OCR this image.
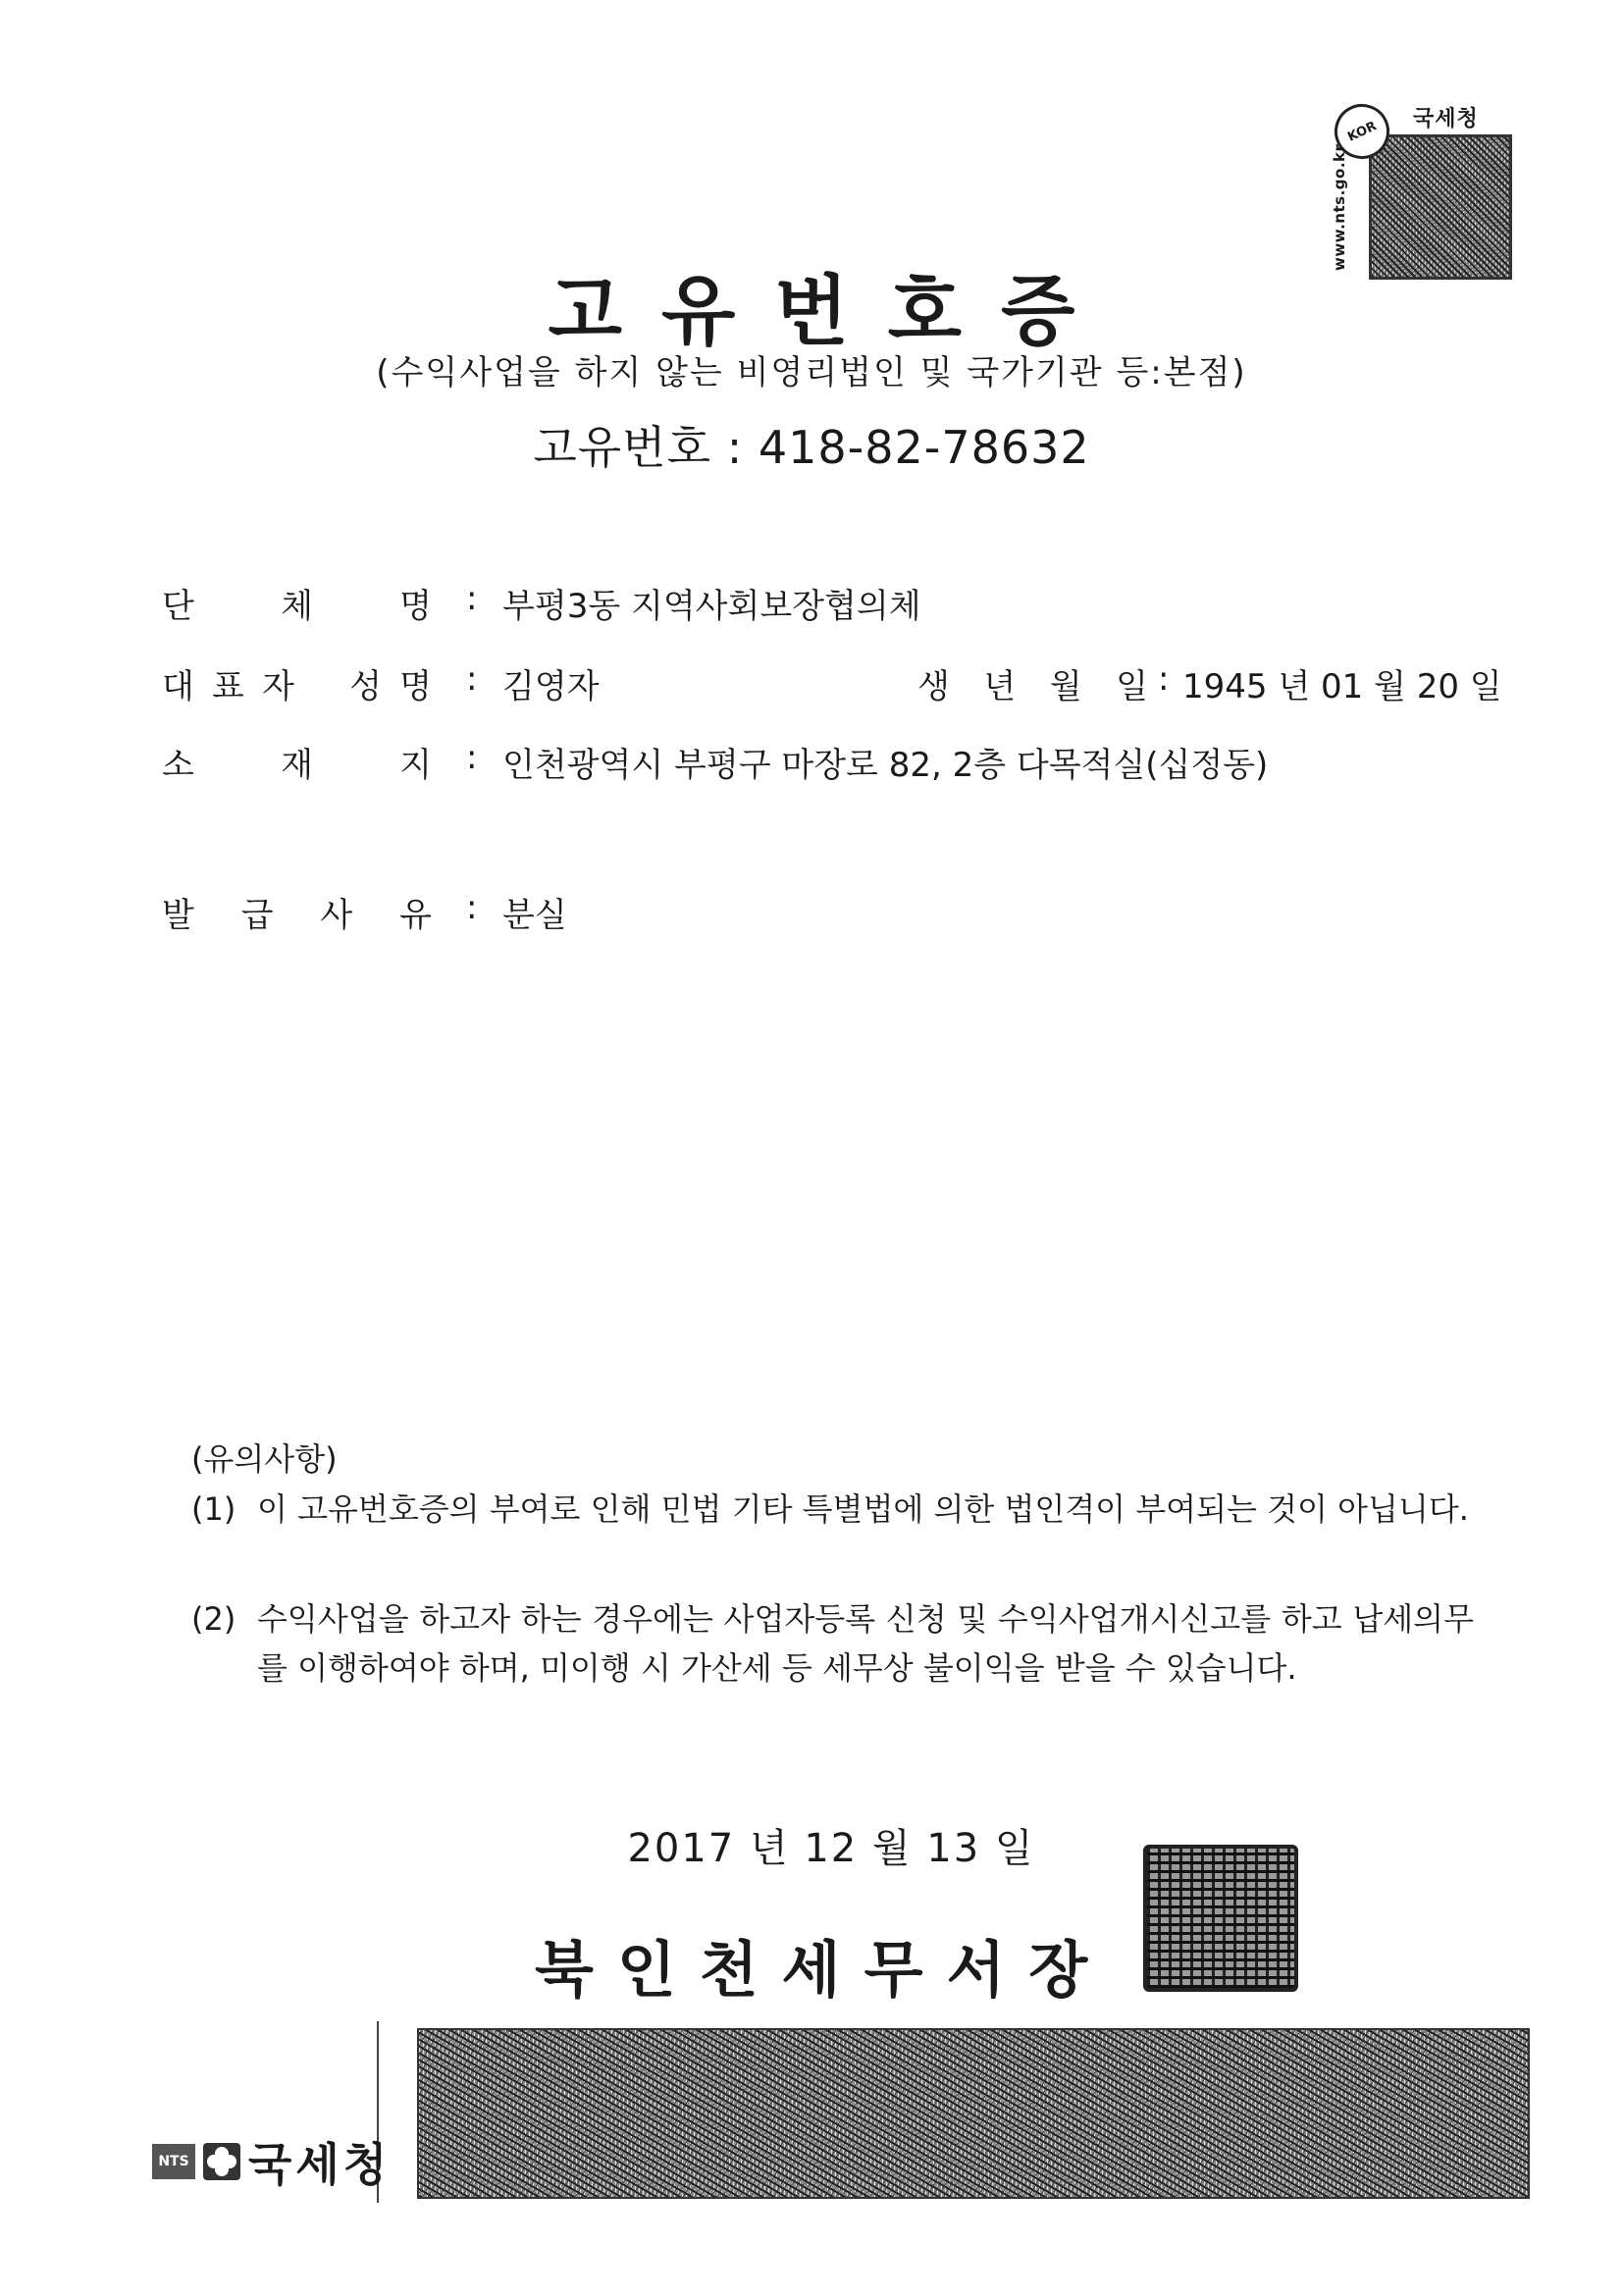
KOR 국세청
www.nts.go.kr
고유번호증
(수익사업을 하지 않는 비영리법인 및 국가기관 등:본점)
고유번호 : 418-82-78632
단	체	명 : 부평3동 지역사회보장협의체
대 표 자 성 명 : 김영자	생 년 월 일 : 1945 년 01 월 20 일
소	재	지 : 인천광역시 부평구 마장로 82, 2층 다목적실(십정동)
발 급 사 유 : 분실
(유의사항)
(1) 이 고유번호증의 부여로 인해 민법 기타 특별법에 의한 법인격이 부여되는 것이 아닙니다.
(2) 수익사업을 하고자 하는 경우에는 사업자등록 신청 및 수익사업개시신고를 하고 납세의무를 이행하여야 하며, 미이행 시 가산세 등 세무상 불이익을 받을 수 있습니다.
2017 년 12 월 13 일
북인천세무서장
NTS 국세청
